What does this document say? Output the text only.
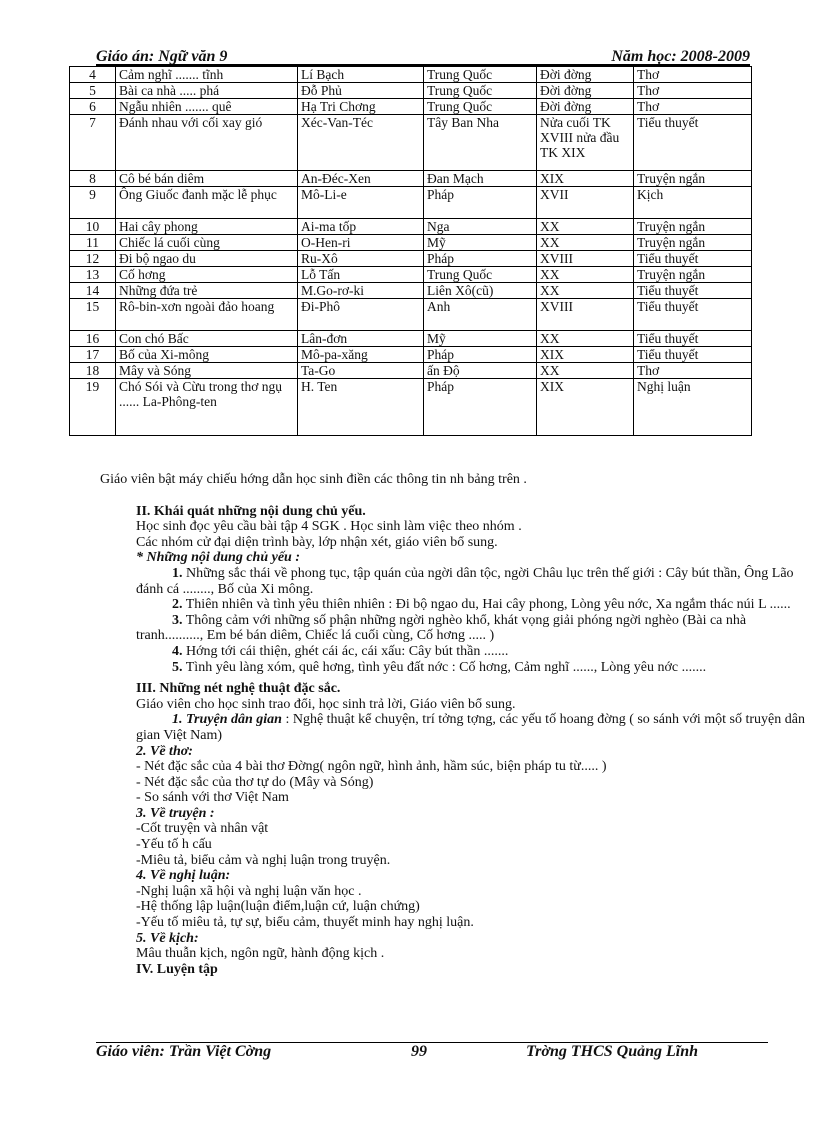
Giáo án: Ngữ văn 9	Năm học: 2008-2009
4	Cảm nghĩ ....... tĩnh	Lí Bạch	Trung Quốc	Đời đờng	Thơ
5	Bài ca nhà ..... phá	Đỗ Phủ	Trung Quốc	Đời đờng	Thơ
6	Ngẫu nhiên ....... quê	Hạ Tri Chơng	Trung Quốc	Đời đờng	Thơ
7	Đánh nhau với cối xay gió	Xéc-Van-Téc	Tây Ban Nha	Nửa cuối TK XVIII nửa đầu TK XIX	Tiểu thuyết
8	Cô bé bán diêm	An-Đéc-Xen	Đan Mạch	XIX	Truyện ngắn
9	Ông Giuốc đanh mặc lễ phục	Mô-Li-e	Pháp	XVII	Kịch
10	Hai cây phong	Ai-ma tốp	Nga	XX	Truyện ngắn
11	Chiếc lá cuối cùng	O-Hen-ri	Mỹ	XX	Truyện ngắn
12	Đi bộ ngao du	Ru-Xô	Pháp	XVIII	Tiểu thuyết
13	Cố hơng	Lỗ Tấn	Trung Quốc	XX	Truyện ngắn
14	Những đứa trẻ	M.Go-rơ-ki	Liên Xô(cũ)	XX	Tiểu thuyết
15	Rô-bin-xơn ngoài đảo hoang	Đi-Phô	Anh	XVIII	Tiểu thuyết
16	Con chó Bấc	Lân-đơn	Mỹ	XX	Tiểu thuyết
17	Bố của Xi-mông	Mô-pa-xăng	Pháp	XIX	Tiểu thuyết
18	Mây và Sóng	Ta-Go	ấn Độ	XX	Thơ
19	Chó Sói và Cừu trong thơ ngụ ...... La-Phông-ten	H. Ten	Pháp	XIX	Nghị luận

Giáo viên bật máy chiếu hớng dẫn học sinh điền các thông tin nh bảng trên .

II. Khái quát những nội dung chủ yếu.

Học sinh đọc yêu cầu bài tập 4 SGK . Học sinh làm việc theo nhóm .

Các nhóm cử đại diện trình bày, lớp nhận xét, giáo viên bổ sung.

* Những nội dung chủ yếu :

1. Những sắc thái về phong tục, tập quán của ngời dân tộc, ngời Châu lục trên thế giới : Cây bút thần, Ông Lão đánh cá ........, Bố của Xi mông.

2. Thiên nhiên và tình yêu thiên nhiên : Đi bộ ngao du, Hai cây phong, Lòng yêu nớc, Xa ngắm thác núi L ......

3. Thông cảm với những số phận những ngời nghèo khổ, khát vọng giải phóng ngời nghèo (Bài ca nhà tranh.........., Em bé bán diêm, Chiếc lá cuối cùng, Cố hơng ..... )

4. Hớng tới cái thiện, ghét cái ác, cái xấu: Cây bút thần .......

5. Tình yêu làng xóm, quê hơng, tình yêu đất nớc : Cố hơng, Cảm nghĩ ......, Lòng yêu nớc .......

III. Những nét nghệ thuật đặc sắc.

Giáo viên cho học sinh trao đổi, học sinh trả lời, Giáo viên bổ sung.

1. Truyện dân gian : Nghệ thuật kể chuyện, trí tởng tợng, các yếu tố hoang đờng ( so sánh với một số truyện dân gian Việt Nam)

2. Về thơ:

- Nét đặc sắc của 4 bài thơ Đờng( ngôn ngữ, hình ảnh, hầm súc, biện pháp tu từ..... )

- Nét đặc sắc của thơ tự do (Mây và Sóng)

- So sánh với thơ Việt Nam

3. Về truyện :

-Cốt truyện và nhân vật

-Yếu tố h cấu

-Miêu tả, biểu cảm và nghị luận trong truyện.

4. Về nghị luận:

-Nghị luận xã hội và nghị luận văn học .

-Hệ thống lập luận(luận điểm,luận cứ, luận chứng)

-Yếu tố miêu tả, tự sự, biểu cảm, thuyết minh hay nghị luận.

5. Về kịch:

Mâu thuẫn kịch, ngôn ngữ, hành động kịch .

IV. Luyện tập

Giáo viên: Trần Việt Cờng	99	Trờng THCS Quảng Lĩnh
